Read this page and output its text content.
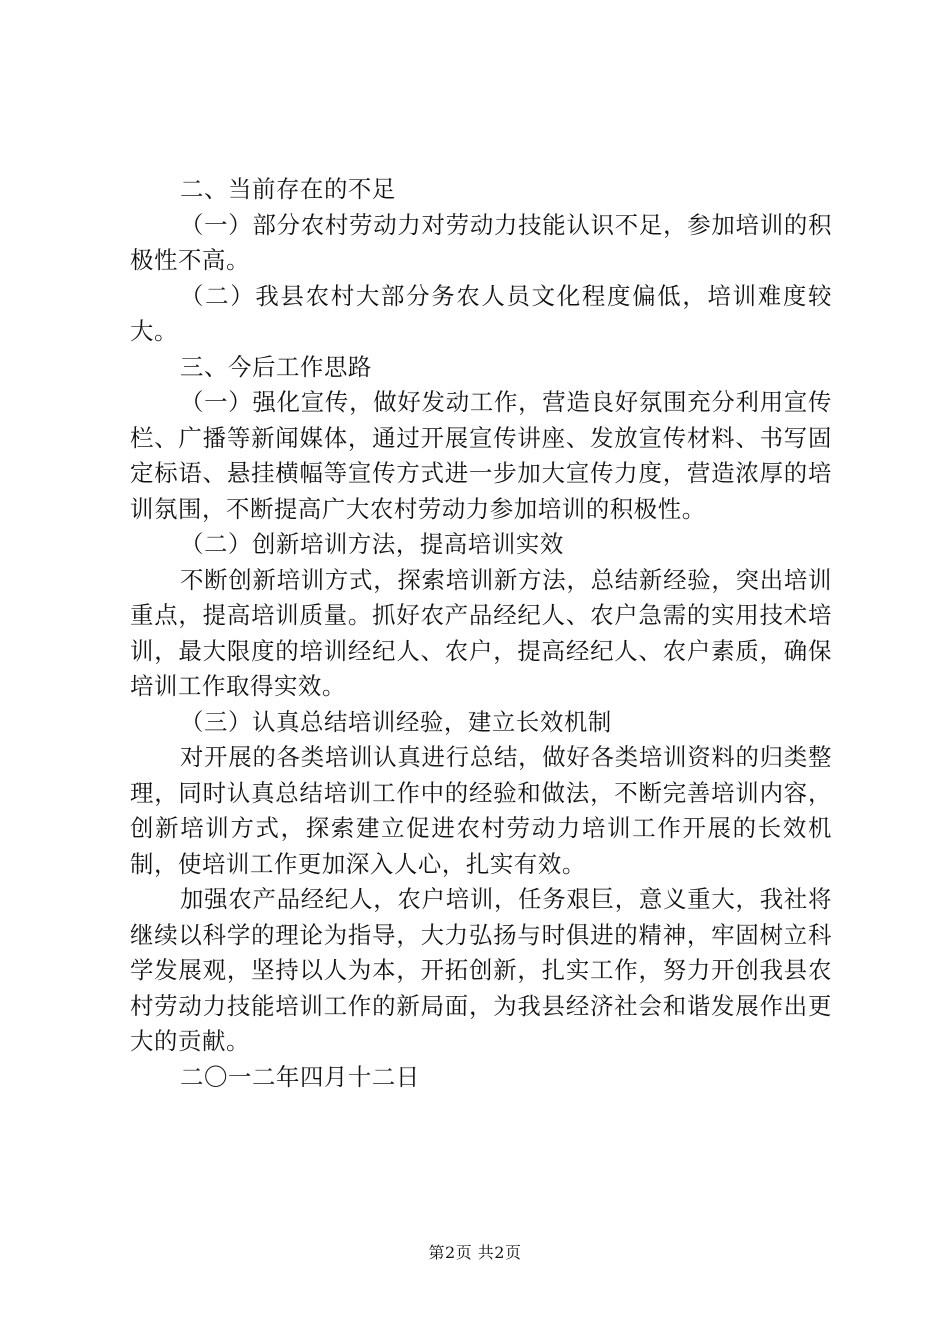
二、当前存在的不足

（一）部分农村劳动力对劳动力技能认识不足，参加培训的积极性不高。

（二）我县农村大部分务农人员文化程度偏低，培训难度较大。

三、今后工作思路

（一）强化宣传，做好发动工作，营造良好氛围充分利用宣传栏、广播等新闻媒体，通过开展宣传讲座、发放宣传材料、书写固定标语、悬挂横幅等宣传方式进一步加大宣传力度，营造浓厚的培训氛围，不断提高广大农村劳动力参加培训的积极性。

（二）创新培训方法，提高培训实效

不断创新培训方式，探索培训新方法，总结新经验，突出培训重点，提高培训质量。抓好农产品经纪人、农户急需的实用技术培训，最大限度的培训经纪人、农户，提高经纪人、农户素质，确保培训工作取得实效。

（三）认真总结培训经验，建立长效机制

对开展的各类培训认真进行总结，做好各类培训资料的归类整理，同时认真总结培训工作中的经验和做法，不断完善培训内容，创新培训方式，探索建立促进农村劳动力培训工作开展的长效机制，使培训工作更加深入人心，扎实有效。

加强农产品经纪人，农户培训，任务艰巨，意义重大，我社将继续以科学的理论为指导，大力弘扬与时俱进的精神，牢固树立科学发展观，坚持以人为本，开拓创新，扎实工作，努力开创我县农村劳动力技能培训工作的新局面，为我县经济社会和谐发展作出更大的贡献。

二〇一二年四月十二日

第2页 共2页
